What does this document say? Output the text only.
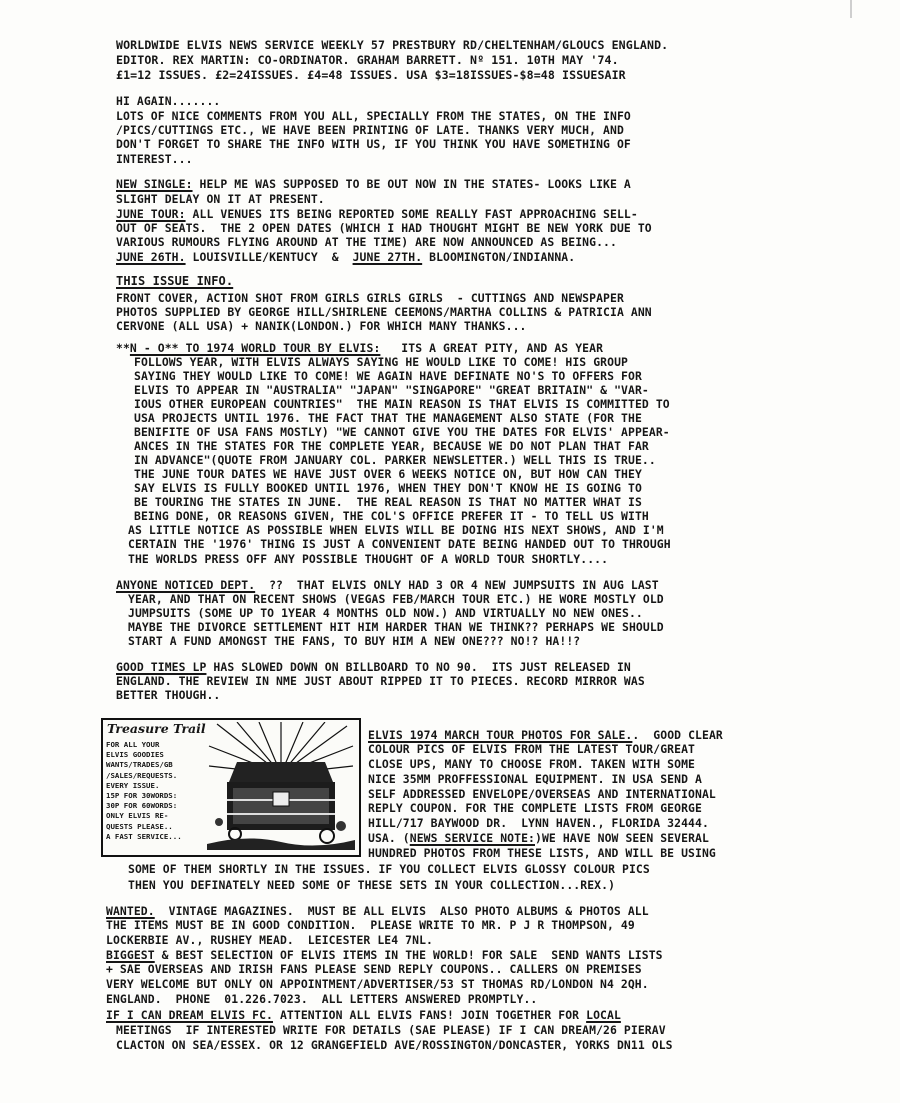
WORLDWIDE ELVIS NEWS SERVICE WEEKLY 57 PRESTBURY RD/CHELTENHAM/GLOUCS ENGLAND.
EDITOR. REX MARTIN: CO-ORDINATOR. GRAHAM BARRETT. Nº 151. 10TH MAY '74.
£1=12 ISSUES. £2=24ISSUES. £4=48 ISSUES. USA $3=18ISSUES-$8=48 ISSUESAIR
HI AGAIN.......
LOTS OF NICE COMMENTS FROM YOU ALL, SPECIALLY FROM THE STATES, ON THE INFO
/PICS/CUTTINGS ETC., WE HAVE BEEN PRINTING OF LATE. THANKS VERY MUCH, AND
DON'T FORGET TO SHARE THE INFO WITH US, IF YOU THINK YOU HAVE SOMETHING OF
INTEREST...
NEW SINGLE: HELP ME WAS SUPPOSED TO BE OUT NOW IN THE STATES- LOOKS LIKE A
SLIGHT DELAY ON IT AT PRESENT.
JUNE TOUR: ALL VENUES ITS BEING REPORTED SOME REALLY FAST APPROACHING SELL-
OUT OF SEATS.  THE 2 OPEN DATES (WHICH I HAD THOUGHT MIGHT BE NEW YORK DUE TO
VARIOUS RUMOURS FLYING AROUND AT THE TIME) ARE NOW ANNOUNCED AS BEING...
JUNE 26TH. LOUISVILLE/KENTUCY  &  JUNE 27TH. BLOOMINGTON/INDIANNA.
THIS ISSUE INFO.
FRONT COVER, ACTION SHOT FROM GIRLS GIRLS GIRLS  - CUTTINGS AND NEWSPAPER
PHOTOS SUPPLIED BY GEORGE HILL/SHIRLENE CEEMONS/MARTHA COLLINS & PATRICIA ANN
CERVONE (ALL USA) + NANIK(LONDON.) FOR WHICH MANY THANKS...
**N - O** TO 1974 WORLD TOUR BY ELVIS:   ITS A GREAT PITY, AND AS YEAR
FOLLOWS YEAR, WITH ELVIS ALWAYS SAYING HE WOULD LIKE TO COME! HIS GROUP
SAYING THEY WOULD LIKE TO COME! WE AGAIN HAVE DEFINATE NO'S TO OFFERS FOR
ELVIS TO APPEAR IN "AUSTRALIA" "JAPAN" "SINGAPORE" "GREAT BRITAIN" & "VAR-
IOUS OTHER EUROPEAN COUNTRIES"  THE MAIN REASON IS THAT ELVIS IS COMMITTED TO
USA PROJECTS UNTIL 1976. THE FACT THAT THE MANAGEMENT ALSO STATE (FOR THE
BENIFITE OF USA FANS MOSTLY) "WE CANNOT GIVE YOU THE DATES FOR ELVIS' APPEAR-
ANCES IN THE STATES FOR THE COMPLETE YEAR, BECAUSE WE DO NOT PLAN THAT FAR
IN ADVANCE"(QUOTE FROM JANUARY COL. PARKER NEWSLETTER.) WELL THIS IS TRUE..
THE JUNE TOUR DATES WE HAVE JUST OVER 6 WEEKS NOTICE ON, BUT HOW CAN THEY
SAY ELVIS IS FULLY BOOKED UNTIL 1976, WHEN THEY DON'T KNOW HE IS GOING TO
BE TOURING THE STATES IN JUNE.  THE REAL REASON IS THAT NO MATTER WHAT IS
BEING DONE, OR REASONS GIVEN, THE COL'S OFFICE PREFER IT - TO TELL US WITH
AS LITTLE NOTICE AS POSSIBLE WHEN ELVIS WILL BE DOING HIS NEXT SHOWS, AND I'M
CERTAIN THE '1976' THING IS JUST A CONVENIENT DATE BEING HANDED OUT TO THROUGH
THE WORLDS PRESS OFF ANY POSSIBLE THOUGHT OF A WORLD TOUR SHORTLY....
ANYONE NOTICED DEPT.  ??  THAT ELVIS ONLY HAD 3 OR 4 NEW JUMPSUITS IN AUG LAST
YEAR, AND THAT ON RECENT SHOWS (VEGAS FEB/MARCH TOUR ETC.) HE WORE MOSTLY OLD
JUMPSUITS (SOME UP TO 1YEAR 4 MONTHS OLD NOW.) AND VIRTUALLY NO NEW ONES..
MAYBE THE DIVORCE SETTLEMENT HIT HIM HARDER THAN WE THINK?? PERHAPS WE SHOULD
START A FUND AMONGST THE FANS, TO BUY HIM A NEW ONE??? NO!? HA!!?
GOOD TIMES LP HAS SLOWED DOWN ON BILLBOARD TO NO 90.  ITS JUST RELEASED IN
ENGLAND. THE REVIEW IN NME JUST ABOUT RIPPED IT TO PIECES. RECORD MIRROR WAS
BETTER THOUGH..
Treasure Trail
FOR ALL YOUR
ELVIS GOODIES
WANTS/TRADES/GB
/SALES/REQUESTS.
EVERY ISSUE.
15P FOR 30WORDS:
30P FOR 60WORDS:
ONLY ELVIS RE-
QUESTS PLEASE..
A FAST SERVICE...
ELVIS 1974 MARCH TOUR PHOTOS FOR SALE..  GOOD CLEAR
COLOUR PICS OF ELVIS FROM THE LATEST TOUR/GREAT
CLOSE UPS, MANY TO CHOOSE FROM. TAKEN WITH SOME
NICE 35MM PROFFESSIONAL EQUIPMENT. IN USA SEND A
SELF ADDRESSED ENVELOPE/OVERSEAS AND INTERNATIONAL
REPLY COUPON. FOR THE COMPLETE LISTS FROM GEORGE
HILL/717 BAYWOOD DR.  LYNN HAVEN., FLORIDA 32444.
USA. (NEWS SERVICE NOTE:)WE HAVE NOW SEEN SEVERAL
HUNDRED PHOTOS FROM THESE LISTS, AND WILL BE USING
SOME OF THEM SHORTLY IN THE ISSUES. IF YOU COLLECT ELVIS GLOSSY COLOUR PICS
THEN YOU DEFINATELY NEED SOME OF THESE SETS IN YOUR COLLECTION...REX.)
WANTED.  VINTAGE MAGAZINES.  MUST BE ALL ELVIS  ALSO PHOTO ALBUMS & PHOTOS ALL
THE ITEMS MUST BE IN GOOD CONDITION.  PLEASE WRITE TO MR. P J R THOMPSON, 49
LOCKERBIE AV., RUSHEY MEAD.  LEICESTER LE4 7NL.
BIGGEST & BEST SELECTION OF ELVIS ITEMS IN THE WORLD! FOR SALE  SEND WANTS LISTS
+ SAE OVERSEAS AND IRISH FANS PLEASE SEND REPLY COUPONS.. CALLERS ON PREMISES
VERY WELCOME BUT ONLY ON APPOINTMENT/ADVERTISER/53 ST THOMAS RD/LONDON N4 2QH.
ENGLAND.  PHONE  01.226.7023.  ALL LETTERS ANSWERED PROMPTLY..
IF I CAN DREAM ELVIS FC. ATTENTION ALL ELVIS FANS! JOIN TOGETHER FOR LOCAL
MEETINGS  IF INTERESTED WRITE FOR DETAILS (SAE PLEASE) IF I CAN DREAM/26 PIERAV
CLACTON ON SEA/ESSEX. OR 12 GRANGEFIELD AVE/ROSSINGTON/DONCASTER, YORKS DN11 OLS
